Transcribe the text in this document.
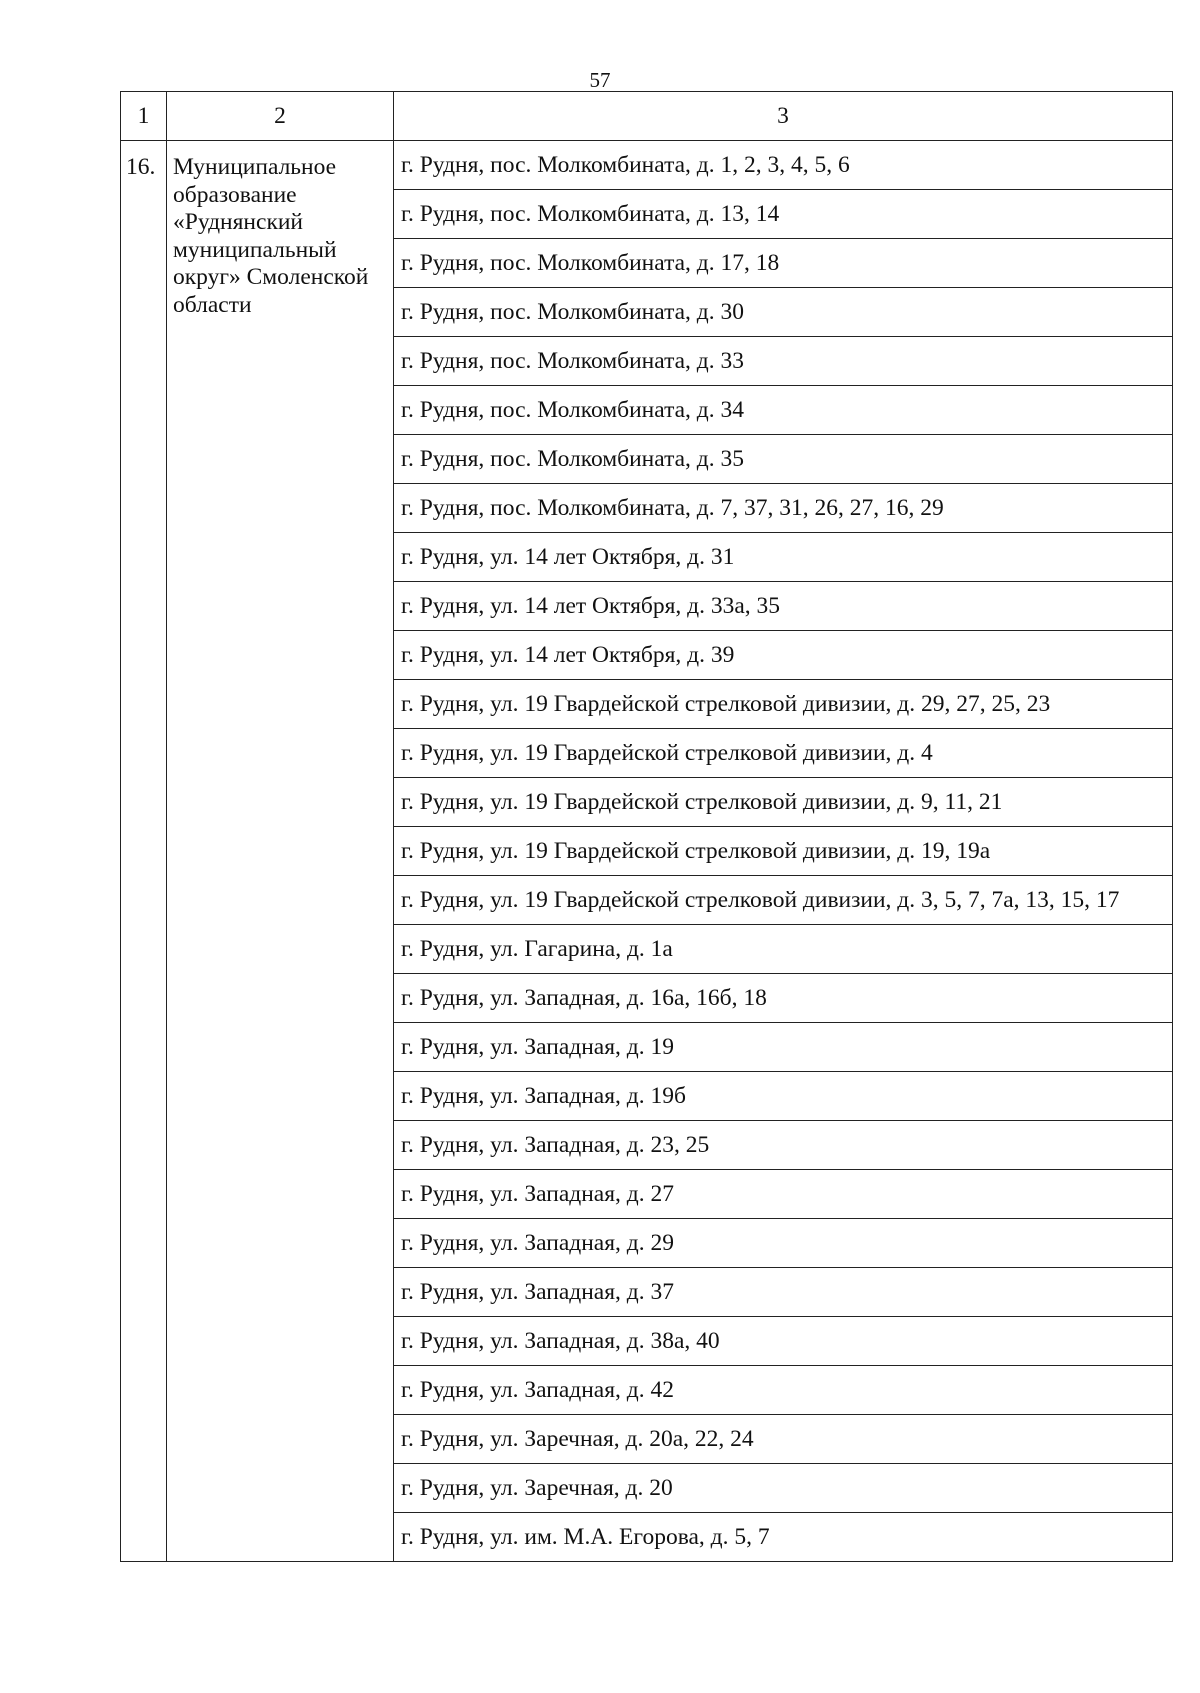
57
1	2	3
16.	Муниципальное образование «Руднянский муниципальный округ» Смоленской области	г. Рудня, пос. Молкомбината, д. 1, 2, 3, 4, 5, 6
		г. Рудня, пос. Молкомбината, д. 13, 14
		г. Рудня, пос. Молкомбината, д. 17, 18
		г. Рудня, пос. Молкомбината, д. 30
		г. Рудня, пос. Молкомбината, д. 33
		г. Рудня, пос. Молкомбината, д. 34
		г. Рудня, пос. Молкомбината, д. 35
		г. Рудня, пос. Молкомбината, д. 7, 37, 31, 26, 27, 16, 29
		г. Рудня, ул. 14 лет Октября, д. 31
		г. Рудня, ул. 14 лет Октября, д. 33а, 35
		г. Рудня, ул. 14 лет Октября, д. 39
		г. Рудня, ул. 19 Гвардейской стрелковой дивизии, д. 29, 27, 25, 23
		г. Рудня, ул. 19 Гвардейской стрелковой дивизии, д. 4
		г. Рудня, ул. 19 Гвардейской стрелковой дивизии, д. 9, 11, 21
		г. Рудня, ул. 19 Гвардейской стрелковой дивизии, д. 19, 19а
		г. Рудня, ул. 19 Гвардейской стрелковой дивизии, д. 3, 5, 7, 7а, 13, 15, 17
		г. Рудня, ул. Гагарина, д. 1а
		г. Рудня, ул. Западная, д. 16а, 16б, 18
		г. Рудня, ул. Западная, д. 19
		г. Рудня, ул. Западная, д. 19б
		г. Рудня, ул. Западная, д. 23, 25
		г. Рудня, ул. Западная, д. 27
		г. Рудня, ул. Западная, д. 29
		г. Рудня, ул. Западная, д. 37
		г. Рудня, ул. Западная, д. 38а, 40
		г. Рудня, ул. Западная, д. 42
		г. Рудня, ул. Заречная, д. 20а, 22, 24
		г. Рудня, ул. Заречная, д. 20
		г. Рудня, ул. им. М.А. Егорова, д. 5, 7
